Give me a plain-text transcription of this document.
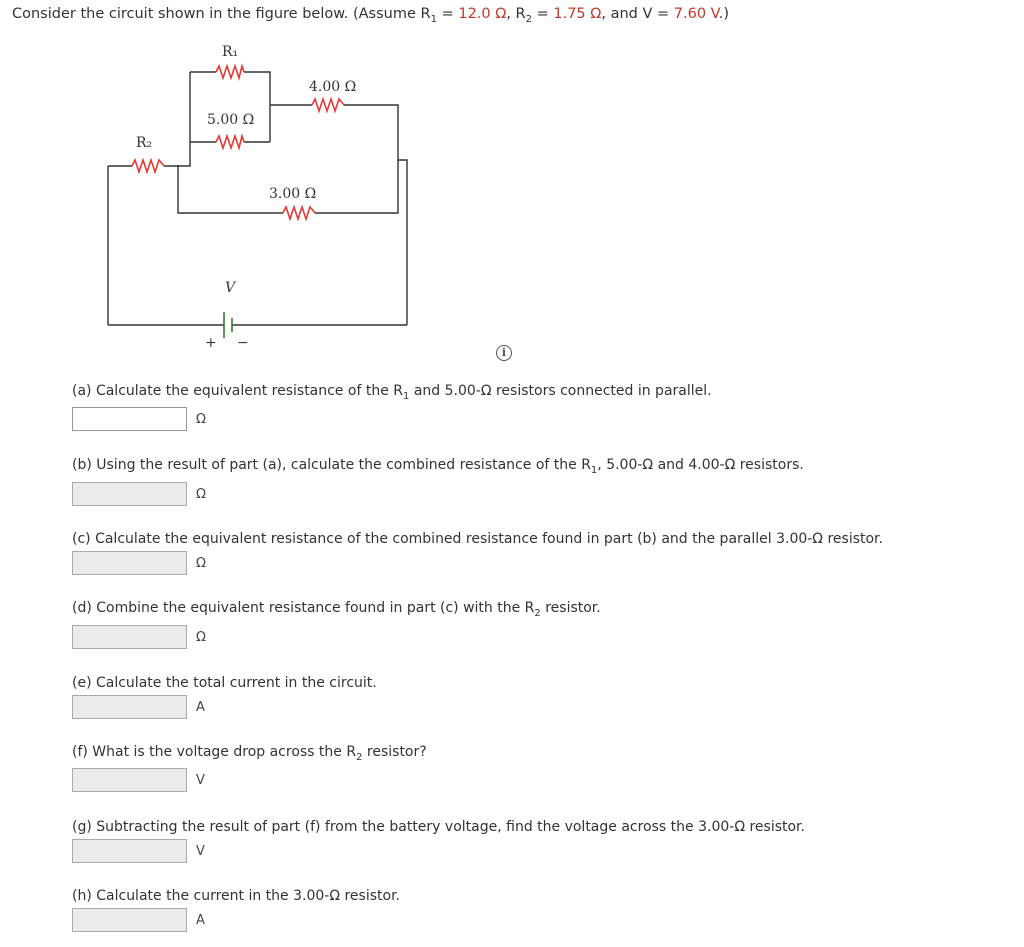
Consider the circuit shown in the figure below. (Assume $R_1 = 12.0$ Ω, $R_2 = 1.75$ Ω, and V = 7.60 V.)
R₁
4.00 Ω
5.00 Ω
R₂
3.00 Ω
V
+ −
i
(a) Calculate the equivalent resistance of the $R_1$ and 5.00-Ω resistors connected in parallel.
Ω
(b) Using the result of part (a), calculate the combined resistance of the $R_1$, 5.00-Ω and 4.00-Ω resistors.
Ω
(c) Calculate the equivalent resistance of the combined resistance found in part (b) and the parallel 3.00-Ω resistor.
Ω
(d) Combine the equivalent resistance found in part (c) with the $R_2$ resistor.
Ω
(e) Calculate the total current in the circuit.
A
(f) What is the voltage drop across the $R_2$ resistor?
V
(g) Subtracting the result of part (f) from the battery voltage, find the voltage across the 3.00-Ω resistor.
V
(h) Calculate the current in the 3.00-Ω resistor.
A
